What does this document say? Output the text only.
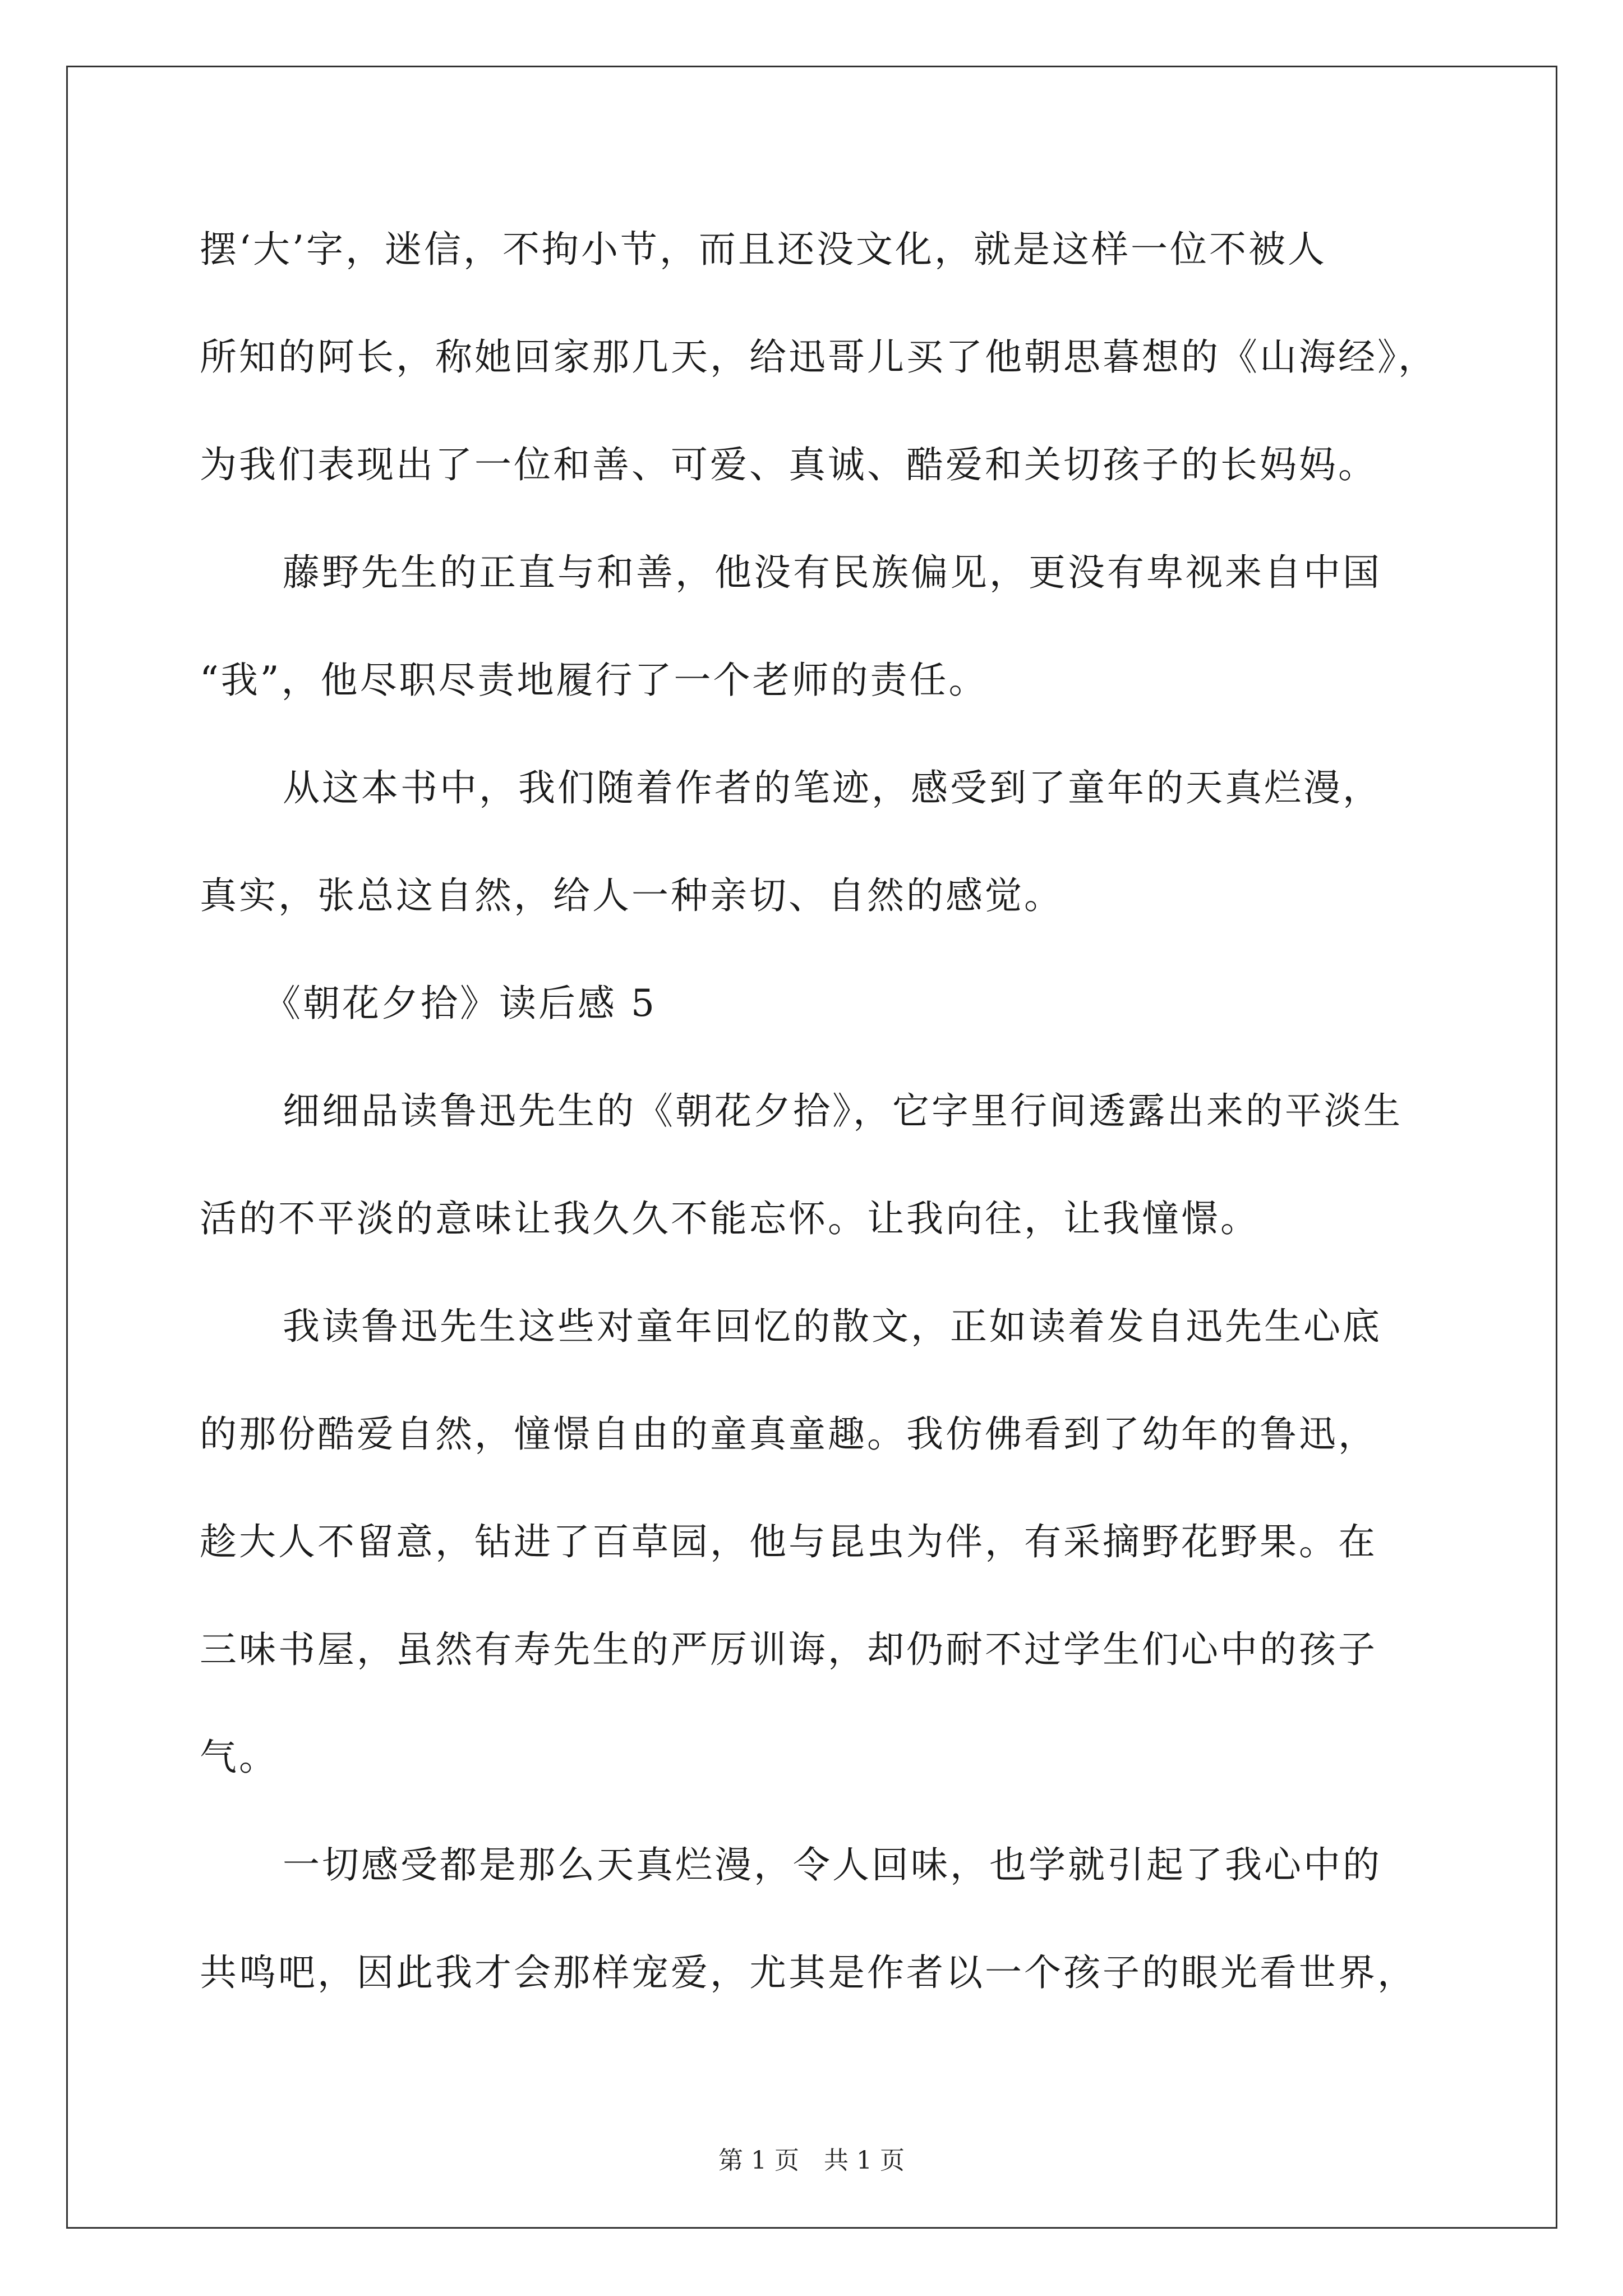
摆‘大’字，迷信，不拘小节，而且还没文化，就是这样一位不被人
所知的阿长，称她回家那几天，给迅哥儿买了他朝思暮想的《山海经》，
为我们表现出了一位和善、可爱、真诚、酷爱和关切孩子的长妈妈。
藤野先生的正直与和善，他没有民族偏见，更没有卑视来自中国
“我”，他尽职尽责地履行了一个老师的责任。
从这本书中，我们随着作者的笔迹，感受到了童年的天真烂漫，
真实，张总这自然，给人一种亲切、自然的感觉。
《朝花夕拾》读后感 5
细细品读鲁迅先生的《朝花夕拾》，它字里行间透露出来的平淡生
活的不平淡的意味让我久久不能忘怀。让我向往，让我憧憬。
我读鲁迅先生这些对童年回忆的散文，正如读着发自迅先生心底
的那份酷爱自然，憧憬自由的童真童趣。我仿佛看到了幼年的鲁迅，
趁大人不留意，钻进了百草园，他与昆虫为伴，有采摘野花野果。在
三味书屋，虽然有寿先生的严厉训诲，却仍耐不过学生们心中的孩子
气。
一切感受都是那么天真烂漫，令人回味，也学就引起了我心中的
共鸣吧，因此我才会那样宠爱，尤其是作者以一个孩子的眼光看世界，
第 1 页　共 1 页
